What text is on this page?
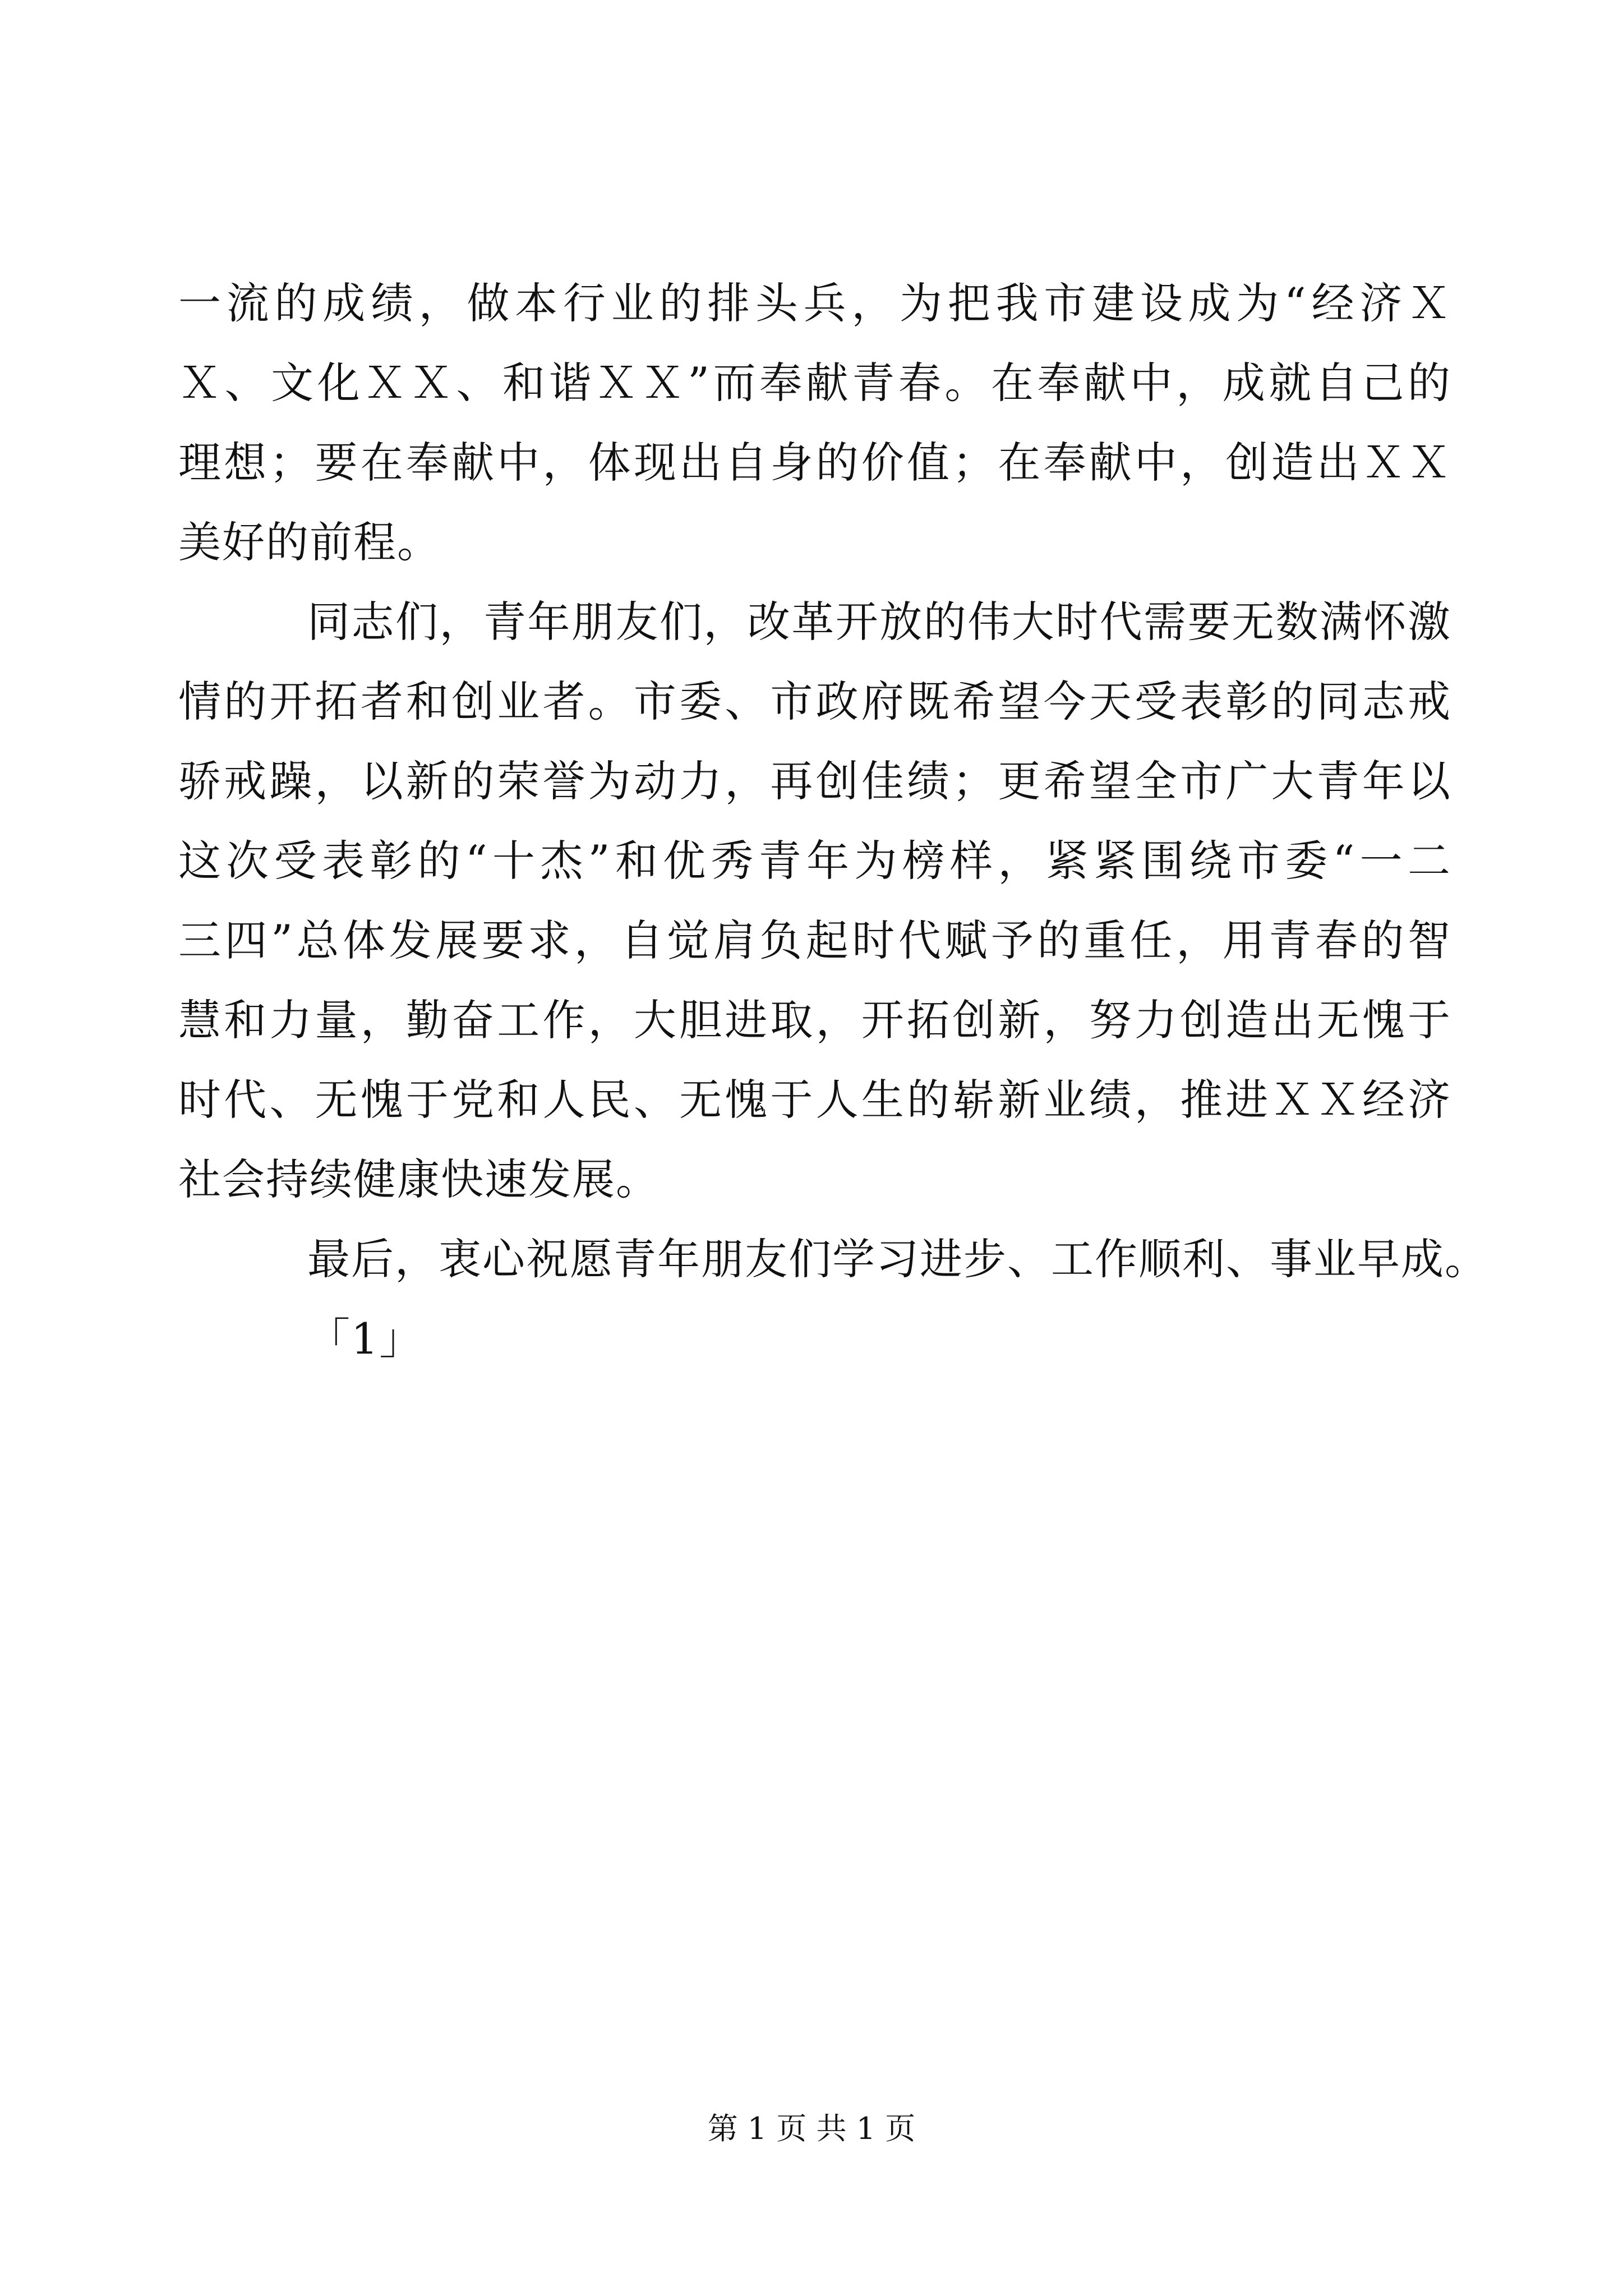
一流的成绩，做本行业的排头兵，为把我市建设成为“经济Ｘ
Ｘ、文化ＸＸ、和谐ＸＸ”而奉献青春。在奉献中，成就自己的
理想；要在奉献中，体现出自身的价值；在奉献中，创造出ＸＸ
美好的前程。

同志们，青年朋友们，改革开放的伟大时代需要无数满怀激
情的开拓者和创业者。市委、市政府既希望今天受表彰的同志戒
骄戒躁，以新的荣誉为动力，再创佳绩；更希望全市广大青年以
这次受表彰的“十杰”和优秀青年为榜样，紧紧围绕市委“一二
三四”总体发展要求，自觉肩负起时代赋予的重任，用青春的智
慧和力量，勤奋工作，大胆进取，开拓创新，努力创造出无愧于
时代、无愧于党和人民、无愧于人生的崭新业绩，推进ＸＸ经济
社会持续健康快速发展。

最后，衷心祝愿青年朋友们学习进步、工作顺利、事业早成。
「1」

第 1 页 共 1 页
